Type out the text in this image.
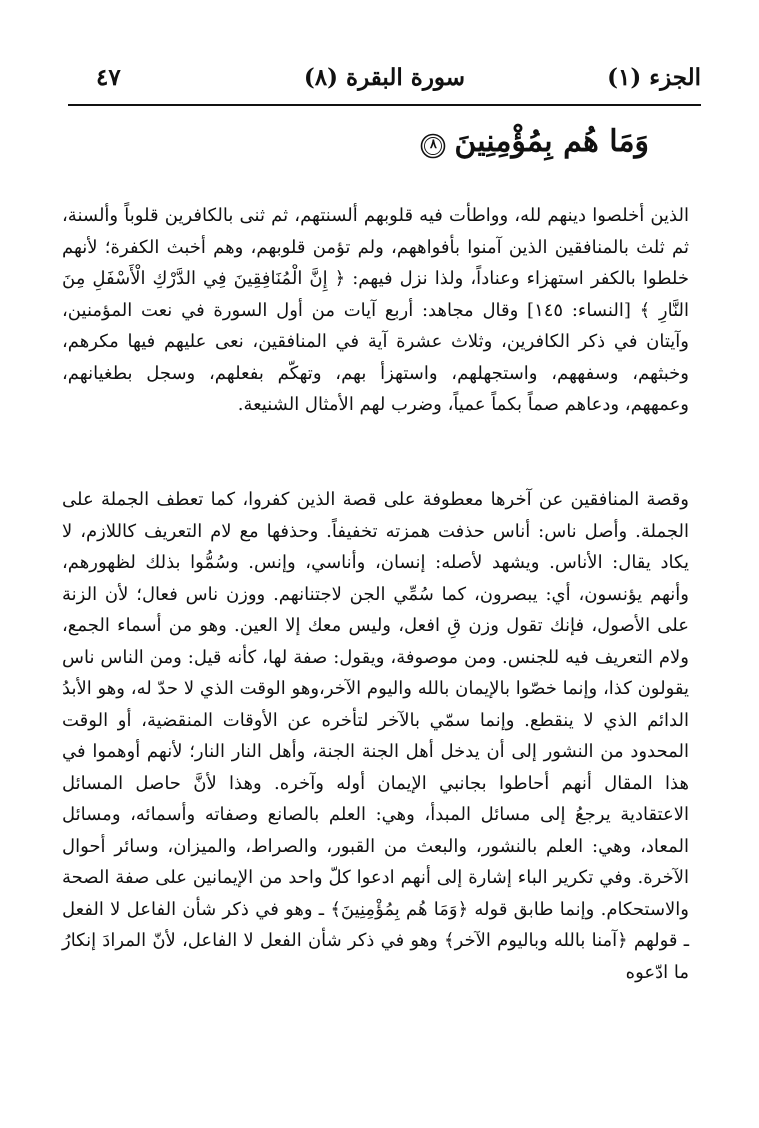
٤٧	سورة البقرة (٨)	الجزء (١)
وَمَا هُم بِمُؤْمِنِينَ
٨
الذين أخلصوا دينهم لله، وواطأت فيه قلوبهم ألسنتهم، ثم ثنى بالكافرين قلوباً وألسنة، ثم ثلث بالمنافقين الذين آمنوا بأفواههم، ولم تؤمن قلوبهم، وهم أخبث الكفرة؛ لأنهم خلطوا بالكفر استهزاء وعناداً، ولذا نزل فيهم: ﴿ إِنَّ الْمُنَافِقِينَ فِي الدَّرْكِ الْأَسْفَلِ مِنَ النَّارِ ﴾ [النساء: ١٤٥] وقال مجاهد: أربع آيات من أول السورة في نعت المؤمنين، وآيتان في ذكر الكافرين، وثلاث عشرة آية في المنافقين، نعى عليهم فيها مكرهم، وخبثهم، وسفههم، واستجهلهم، واستهزأ بهم، وتهكّم بفعلهم، وسجل بطغيانهم، وعمههم، ودعاهم صماً بكماً عمياً، وضرب لهم الأمثال الشنيعة.
وقصة المنافقين عن آخرها معطوفة على قصة الذين كفروا، كما تعطف الجملة على الجملة. وأصل ناس: أناس حذفت همزته تخفيفاً. وحذفها مع لام التعريف كاللازم، لا يكاد يقال: الأناس. ويشهد لأصله: إنسان، وأناسي، وإنس. وسُمُّوا بذلك لظهورهم، وأنهم يؤنسون، أي: يبصرون، كما سُمِّي الجن لاجتنانهم. ووزن ناس فعال؛ لأن الزنة على الأصول، فإنك تقول وزن قِ افعل، وليس معك إلا العين. وهو من أسماء الجمع، ولام التعريف فيه للجنس. ومن موصوفة، ويقول: صفة لها، كأنه قيل: ومن الناس ناس يقولون كذا، وإنما خصّوا بالإيمان بالله واليوم الآخر،وهو الوقت الذي لا حدّ له، وهو الأبدُ الدائم الذي لا ينقطع. وإنما سمّي بالآخر لتأخره عن الأوقات المنقضية، أو الوقت المحدود من النشور إلى أن يدخل أهل الجنة الجنة، وأهل النار النار؛ لأنهم أوهموا في هذا المقال أنهم أحاطوا بجانبي الإيمان أوله وآخره. وهذا لأنَّ حاصل المسائل الاعتقادية يرجعُ إلى مسائل المبدأ، وهي: العلم بالصانع وصفاته وأسمائه، ومسائل المعاد، وهي: العلم بالنشور، والبعث من القبور، والصراط، والميزان، وسائر أحوال الآخرة. وفي تكرير الباء إشارة إلى أنهم ادعوا كلّ واحد من الإيمانين على صفة الصحة والاستحكام. وإنما طابق قوله ﴿وَمَا هُم بِمُؤْمِنِينَ﴾ ـ وهو في ذكر شأن الفاعل لا الفعل ـ قولهم ﴿آمنا بالله وباليوم الآخر﴾ وهو في ذكر شأن الفعل لا الفاعل، لأنّ المرادَ إنكارُ ما ادّعوه
